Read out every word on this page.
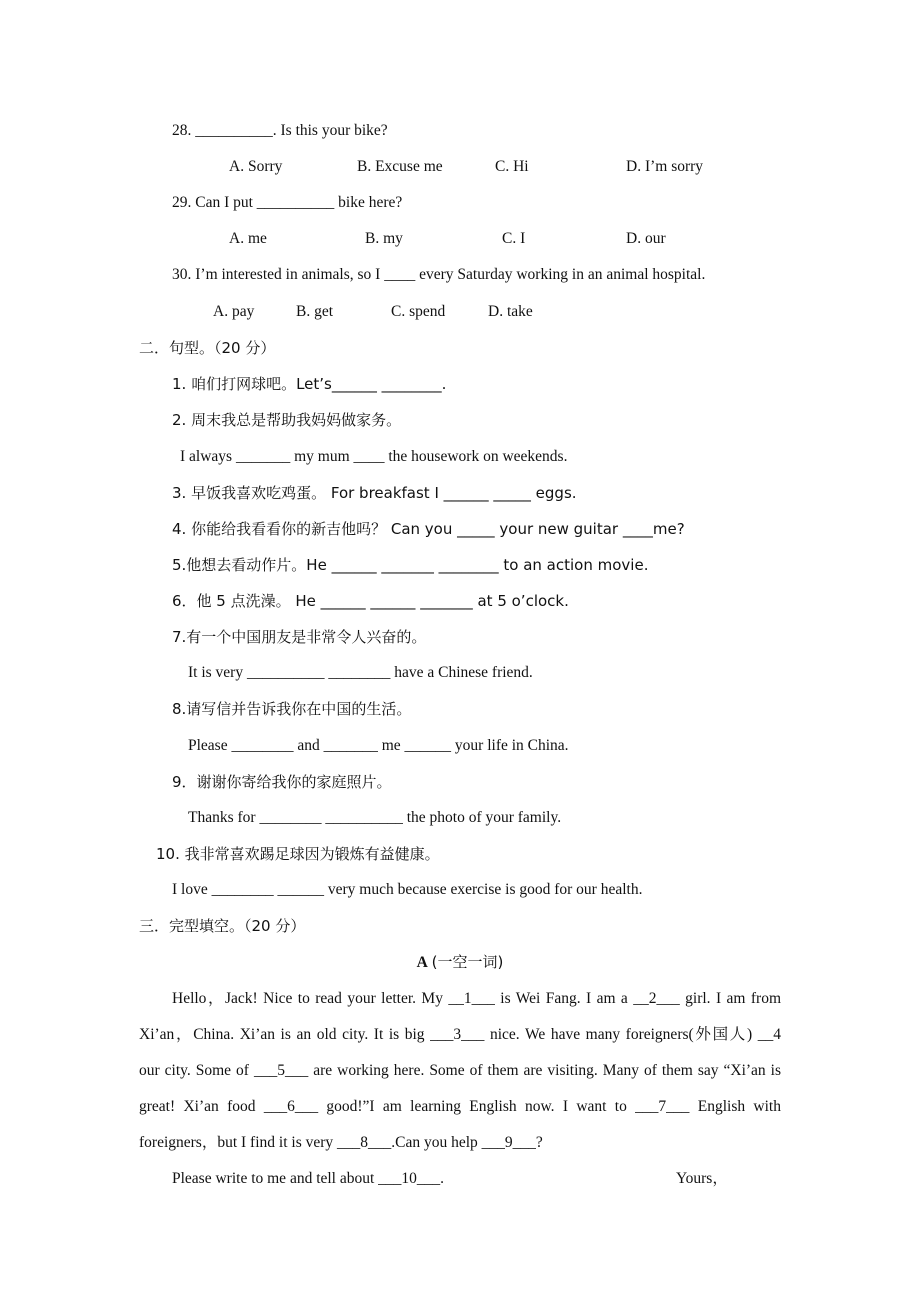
28. __________. Is this your bike?
A. Sorry	B. Excuse me	C. Hi	D. I’m sorry
29. Can I put __________ bike here?
A. me	B. my	C. I	D. our
30. I’m interested in animals, so I ____ every Saturday working in an animal hospital.
A. pay	B. get	C. spend	D. take
二．句型。（20 分）
1. 咱们打网球吧。Let’s______ ________.
2. 周末我总是帮助我妈妈做家务。
I always _______ my mum ____ the housework on weekends.
3. 早饭我喜欢吃鸡蛋。 For breakfast I ______ _____ eggs.
4. 你能给我看看你的新吉他吗？ Can you _____ your new guitar ____me?
5.他想去看动作片。He ______ _______ ________ to an action movie.
6．他 5 点洗澡。 He ______ ______ _______ at 5 o’clock.
7.有一个中国朋友是非常令人兴奋的。
It is very __________ ________ have a Chinese friend.
8.请写信并告诉我你在中国的生活。
Please ________ and _______ me ______ your life in China.
9．谢谢你寄给我你的家庭照片。
Thanks for ________ __________ the photo of your family.
10. 我非常喜欢踢足球因为锻炼有益健康。
I love ________ ______ very much because exercise is good for our health.
三．完型填空。（20 分）
A (一空一词)
Hello，Jack! Nice to read your letter. My __1___ is Wei Fang. I am a __2___ girl. I am from
Xi’an，China. Xi’an is an old city. It is big ___3___ nice. We have many foreigners(外国人) __4
our city. Some of ___5___ are working here. Some of them are visiting. Many of them say “Xi’an is
great! Xi’an food ___6___ good!”I am learning English now. I want to ___7___ English with
foreigners，but I find it is very ___8___.Can you help ___9___?
Please write to me and tell about ___10___.	Yours，
